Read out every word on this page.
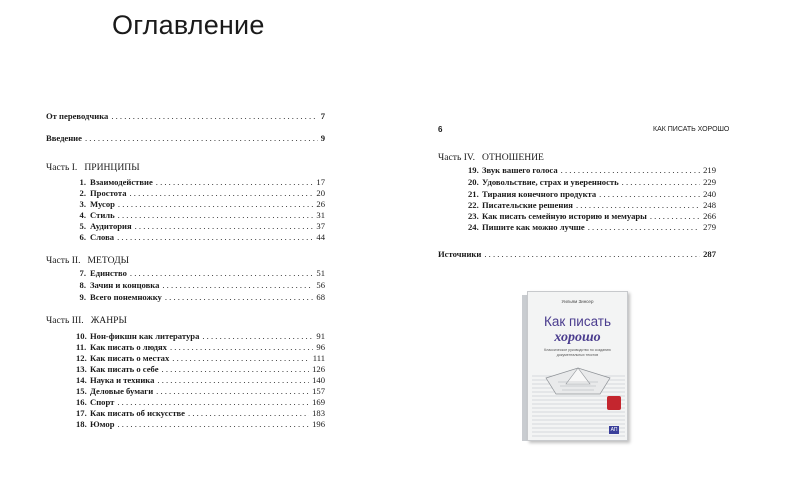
Оглавление
От переводчика . . .	7
Введение . . .	9
Часть I. ПРИНЦИПЫ
Часть II. МЕТОДЫ
Часть III. ЖАНРЫ
1. Взаимодействие . . .	17
2. Простота . . .	20
3. Мусор . . .	26
4. Стиль . . .	31
5. Аудитория . . .	37
6. Слова . . .	44
7. Единство . . .	51
8. Зачин и концовка . . .	56
9. Всего понемножку . . .	68
10. Нон-фикшн как литература . . .	91
11. Как писать о людях . . .	96
12. Как писать о местах . . .	111
13. Как писать о себе . . .	126
14. Наука и техника . . .	140
15. Деловые бумаги . . .	157
16. Спорт . . .	169
17. Как писать об искусстве . . .	183
18. Юмор . . .	196
6	КАК ПИСАТЬ ХОРОШО
Часть IV. ОТНОШЕНИЕ
19. Звук вашего голоса . . .	219
20. Удовольствие, страх и уверенность . . .	229
21. Тирания конечного продукта . . .	240
22. Писательские решения . . .	248
23. Как писать семейную историю и мемуары . . .	266
24. Пишите как можно лучше . . .	279
Источники . . .	287
Уильям Зинсер
Как писать
хорошо
Классическое руководство по созданию документальных текстов
АП
